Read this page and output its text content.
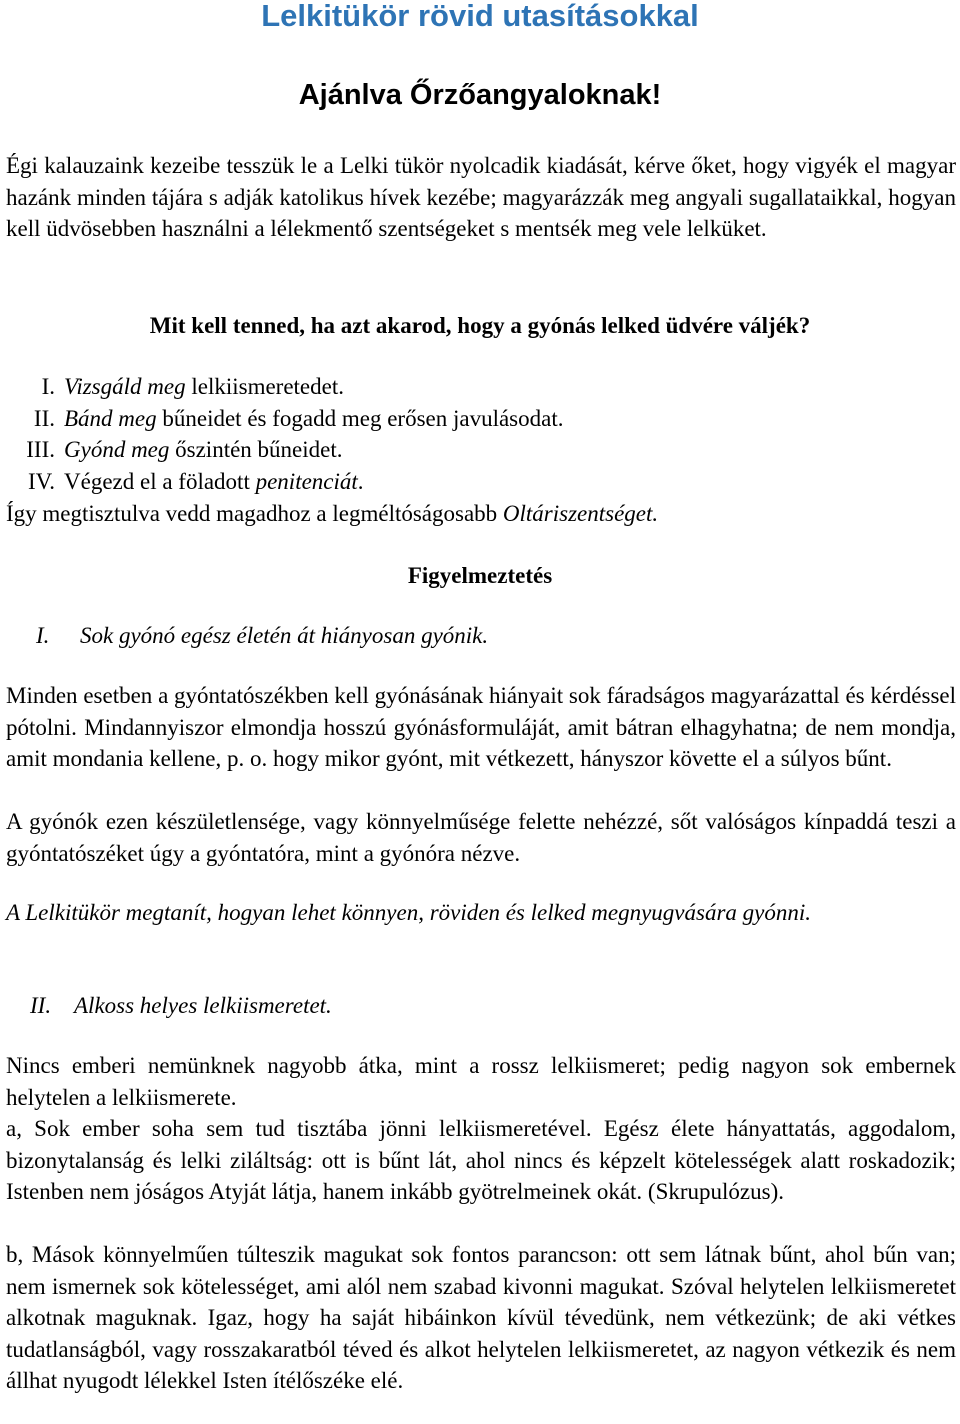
Lelkitükör rövid utasításokkal
Ajánlva Őrzőangyaloknak!

Égi kalauzaink kezeibe tesszük le a Lelki tükör nyolcadik kiadását, kérve őket, hogy vigyék el magyar hazánk minden tájára s adják katolikus hívek kezébe; magyarázzák meg angyali sugallataikkal, hogyan kell üdvösebben használni a lélekmentő szentségeket s mentsék meg vele lelküket.

Mit kell tenned, ha azt akarod, hogy a gyónás lelked üdvére váljék?

I. Vizsgáld meg lelkiismeretedet.
II. Bánd meg bűneidet és fogadd meg erősen javulásodat.
III. Gyónd meg őszintén bűneidet.
IV. Végezd el a föladott penitenciát.

Így megtisztulva vedd magadhoz a legméltóságosabb Oltáriszentséget.

Figyelmeztetés

I. Sok gyónó egész életén át hiányosan gyónik.

Minden esetben a gyóntatószékben kell gyónásának hiányait sok fáradságos magyarázattal és kérdéssel pótolni. Mindannyiszor elmondja hosszú gyónásformuláját, amit bátran elhagyhatna; de nem mondja, amit mondania kellene, p. o. hogy mikor gyónt, mit vétkezett, hányszor követte el a súlyos bűnt.

A gyónók ezen készületlensége, vagy könnyelműsége felette nehézzé, sőt valóságos kínpaddá teszi a gyóntatószéket úgy a gyóntatóra, mint a gyónóra nézve.

A Lelkitükör megtanít, hogyan lehet könnyen, röviden és lelked megnyugvására gyónni.

II. Alkoss helyes lelkiismeretet.

Nincs emberi nemünknek nagyobb átka, mint a rossz lelkiismeret; pedig nagyon sok embernek helytelen a lelkiismerete.

a, Sok ember soha sem tud tisztába jönni lelkiismeretével. Egész élete hányattatás, aggodalom, bizonytalanság és lelki ziláltság: ott is bűnt lát, ahol nincs és képzelt kötelességek alatt roskadozik; Istenben nem jóságos Atyját látja, hanem inkább gyötrelmeinek okát. (Skrupulózus).

b, Mások könnyelműen túlteszik magukat sok fontos parancson: ott sem látnak bűnt, ahol bűn van; nem ismernek sok kötelességet, ami alól nem szabad kivonni magukat. Szóval helytelen lelkiismeretet alkotnak maguknak. Igaz, hogy ha saját hibáinkon kívül tévedünk, nem vétkezünk; de aki vétkes tudatlanságból, vagy rosszakaratból téved és alkot helytelen lelkiismeretet, az nagyon vétkezik és nem állhat nyugodt lélekkel Isten ítélőszéke elé.
